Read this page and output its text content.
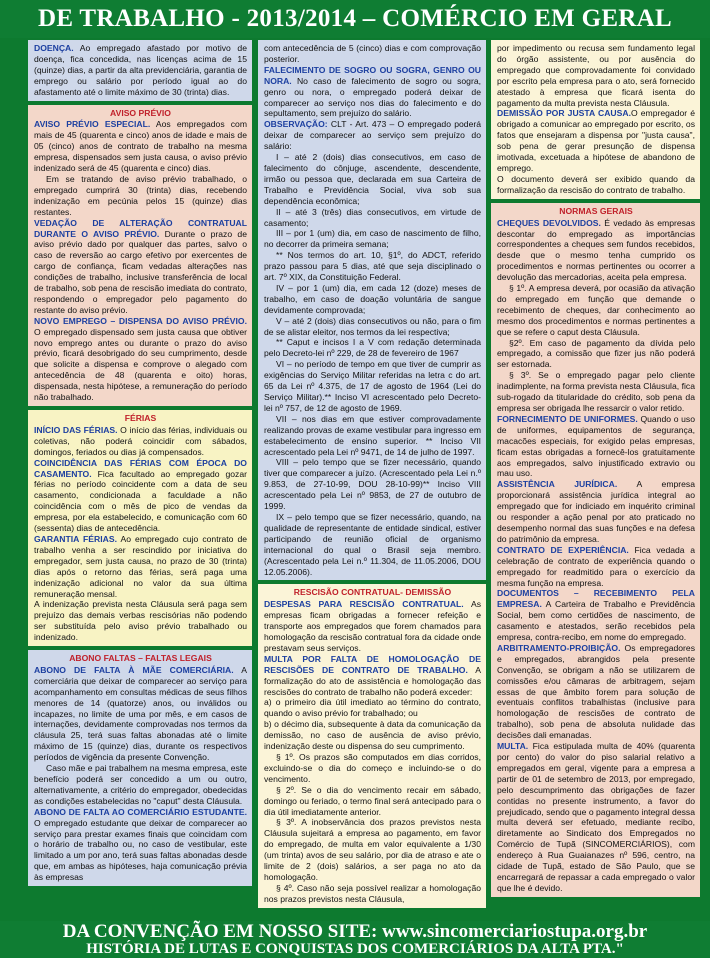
DE TRABALHO - 2013/2014 – COMÉRCIO EM GERAL

DOENÇA. Ao empregado afastado por motivo de doença, fica concedida, nas licenças acima de 15 (quinze) dias, a partir da alta previdenciária, garantia de emprego ou salário por período igual ao do afastamento até o limite máximo de 30 (trinta) dias.

AVISO PRÉVIO

AVISO PRÉVIO ESPECIAL. Aos empregados com mais de 45 (quarenta e cinco) anos de idade e mais de 05 (cinco) anos de contrato de trabalho na mesma empresa, dispensados sem justa causa, o aviso prévio indenizado será de 45 (quarenta e cinco) dias.

Em se tratando de aviso prévio trabalhado, o empregado cumprirá 30 (trinta) dias, recebendo indenização em pecúnia pelos 15 (quinze) dias restantes.

VEDAÇÃO DE ALTERAÇÃO CONTRATUAL DURANTE O AVISO PRÉVIO. Durante o prazo de aviso prévio dado por qualquer das partes, salvo o caso de reversão ao cargo efetivo por exercentes de cargo de confiança, ficam vedadas alterações nas condições de trabalho, inclusive transferência de local de trabalho, sob pena de rescisão imediata do contrato, respondendo o empregador pelo pagamento do restante do aviso prévio.

NOVO EMPREGO – DISPENSA DO AVISO PRÉVIO. O empregado dispensado sem justa causa que obtiver novo emprego antes ou durante o prazo do aviso prévio, ficará desobrigado do seu cumprimento, desde que solicite a dispensa e comprove o alegado com antecedência de 48 (quarenta e oito) horas, dispensada, nesta hipótese, a remuneração do período não trabalhado.

FÉRIAS

INÍCIO DAS FÉRIAS. O início das férias, individuais ou coletivas, não poderá coincidir com sábados, domingos, feriados ou dias já compensados.

COINCIDÊNCIA DAS FÉRIAS COM ÉPOCA DO CASAMENTO. Fica facultado ao empregado gozar férias no período coincidente com a data de seu casamento, condicionada a faculdade a não coincidência com o mês de pico de vendas da empresa, por ela estabelecido, e comunicação com 60 (sessenta) dias de antecedência.

GARANTIA FÉRIAS. Ao empregado cujo contrato de trabalho venha a ser rescindido por iniciativa do empregador, sem justa causa, no prazo de 30 (trinta) dias após o retorno das férias, será paga uma indenização adicional no valor da sua última remuneração mensal.

A indenização prevista nesta Cláusula será paga sem prejuízo das demais verbas rescisórias não podendo ser substituída pelo aviso prévio trabalhado ou indenizado.

ABONO FALTAS – FALTAS LEGAIS

ABONO DE FALTA À MÃE COMERCIÁRIA. A comerciária que deixar de comparecer ao serviço para acompanhamento em consultas médicas de seus filhos menores de 14 (quatorze) anos, ou inválidos ou incapazes, no limite de uma por mês, e em casos de internações, devidamente comprovadas nos termos da cláusula 25, terá suas faltas abonadas até o limite máximo de 15 (quinze) dias, durante os respectivos períodos de vigência da presente Convenção.

Caso mãe e pai trabalhem na mesma empresa, este benefício poderá ser concedido a um ou outro, alternativamente, a critério do empregador, obedecidas as condições estabelecidas no "caput" desta Cláusula.

ABONO DE FALTA AO COMERCIÁRIO ESTUDANTE. O empregado estudante que deixar de comparecer ao serviço para prestar exames finais que coincidam com o horário de trabalho ou, no caso de vestibular, este limitado a um por ano, terá suas faltas abonadas desde que, em ambas as hipóteses, haja comunicação prévia às empresas

com antecedência de 5 (cinco) dias e com comprovação posterior.

FALECIMENTO DE SOGRO OU SOGRA, GENRO OU NORA. No caso de falecimento de sogro ou sogra, genro ou nora, o empregado poderá deixar de comparecer ao serviço nos dias do falecimento e do sepultamento, sem prejuízo do salário.

OBSERVAÇÃO: CLT - Art. 473 – O empregado poderá deixar de comparecer ao serviço sem prejuízo do salário:

I – até 2 (dois) dias consecutivos, em caso de falecimento do cônjuge, ascendente, descendente, irmão ou pessoa que, declarada em sua Carteira de Trabalho e Previdência Social, viva sob sua dependência econômica;

II – até 3 (três) dias consecutivos, em virtude de casamento;

III – por 1 (um) dia, em caso de nascimento de filho, no decorrer da primeira semana;

** Nos termos do art. 10, §1º, do ADCT, referido prazo passou para 5 dias, até que seja disciplinado o art. 7º XIX, da Constituição Federal.

IV – por 1 (um) dia, em cada 12 (doze) meses de trabalho, em caso de doação voluntária de sangue devidamente comprovada;

V – até 2 (dois) dias consecutivos ou não, para o fim de se alistar eleitor, nos termos da lei respectiva;

** Caput e incisos I a V com redação determinada pelo Decreto-lei nº 229, de 28 de fevereiro de 1967

VI – no período de tempo em que tiver de cumprir as exigências do Serviço Militar referidas na letra c do art. 65 da Lei nº 4.375, de 17 de agosto de 1964 (Lei do Serviço Militar).** Inciso VI acrescentado pelo Decreto-lei nº 757, de 12 de agosto de 1969.

VII – nos dias em que estiver comprovadamente realizando provas de exame vestibular para ingresso em estabelecimento de ensino superior. ** Inciso VII acrescentado pela Lei nº 9471, de 14 de julho de 1997.

VIII – pelo tempo que se fizer necessário, quando tiver que comparecer a juízo. (Acrescentado pela Lei n.º 9.853, de 27-10-99, DOU 28-10-99)** Inciso VIII acrescentado pela Lei nº 9853, de 27 de outubro de 1999.

IX – pelo tempo que se fizer necessário, quando, na qualidade de representante de entidade sindical, estiver participando de reunião oficial de organismo internacional do qual o Brasil seja membro. (Acrescentado pela Lei n.º 11.304, de 11.05.2006, DOU 12.05.2006).

RESCISÃO CONTRATUAL- DEMISSÃO

DESPESAS PARA RESCISÃO CONTRATUAL. As empresas ficam obrigadas a fornecer refeição e transporte aos empregados que forem chamados para homologação da rescisão contratual fora da cidade onde prestavam seus serviços.

MULTA POR FALTA DE HOMOLOGAÇÃO DE RESCISÕES DE CONTRATO DE TRABALHO. A formalização do ato de assistência e homologação das rescisões do contrato de trabalho não poderá exceder:

a) o primeiro dia útil imediato ao término do contrato, quando o aviso prévio for trabalhado; ou

b) o décimo dia, subsequente à data da comunicação da demissão, no caso de ausência de aviso prévio, indenização deste ou dispensa do seu cumprimento.

§ 1º. Os prazos são computados em dias corridos, excluindo-se o dia do começo e incluindo-se o do vencimento.

§ 2º. Se o dia do vencimento recair em sábado, domingo ou feriado, o termo final será antecipado para o dia útil imediatamente anterior.

§ 3º. A inobservância dos prazos previstos nesta Cláusula sujeitará a empresa ao pagamento, em favor do empregado, de multa em valor equivalente a 1/30 (um trinta) avos de seu salário, por dia de atraso e ate o limite de 2 (dois) salários, a ser paga no ato da homologação.

§ 4º. Caso não seja possível realizar a homologação nos prazos previstos nesta Cláusula,

por impedimento ou recusa sem fundamento legal do órgão assistente, ou por ausência do empregado que comprovadamente foi convidado por escrito pela empresa para o ato, será fornecido atestado à empresa que ficará isenta do pagamento da multa prevista nesta Cláusula.

DEMISSÃO POR JUSTA CAUSA.O empregador é obrigado a comunicar ao empregado por escrito, os fatos que ensejaram a dispensa por "justa causa", sob pena de gerar presunção de dispensa imotivada, excetuada a hipótese de abandono de emprego.

O documento deverá ser exibido quando da formalização da rescisão do contrato de trabalho.

NORMAS GERAIS

CHEQUES DEVOLVIDOS. É vedado às empresas descontar do empregado as importâncias correspondentes a cheques sem fundos recebidos, desde que o mesmo tenha cumprido os procedimentos e normas pertinentes ou ocorrer a devolução das mercadorias, aceita pela empresa.

§ 1º. A empresa deverá, por ocasião da ativação do empregado em função que demande o recebimento de cheques, dar conhecimento ao mesmo dos procedimentos e normas pertinentes a que se refere o caput desta Cláusula.

§2º. Em caso de pagamento da dívida pelo empregado, a comissão que fizer jus não poderá ser estornada.

§ 3º. Se o empregado pagar pelo cliente inadimplente, na forma prevista nesta Cláusula, fica sub-rogado da titularidade do crédito, sob pena da empresa ser obrigada lhe ressarcir o valor retido.

FORNECIMENTO DE UNIFORMES. Quando o uso de uniformes, equipamentos de segurança, macacões especiais, for exigido pelas empresas, ficam estas obrigadas a fornecê-los gratuitamente aos empregados, salvo injustificado extravio ou mau uso.

ASSISTÊNCIA JURÍDICA. A empresa proporcionará assistência jurídica integral ao empregado que for indiciado em inquérito criminal ou responder a ação penal por ato praticado no desempenho normal das suas funções e na defesa do patrimônio da empresa.

CONTRATO DE EXPERIÊNCIA. Fica vedada a celebração de contrato de experiência quando o empregado for readmitido para o exercício da mesma função na empresa.

DOCUMENTOS – RECEBIMENTO PELA EMPRESA. A Carteira de Trabalho e Previdência Social, bem como certidões de nascimento, de casamento e atestados, serão recebidos pela empresa, contra-recibo, em nome do empregado.

ARBITRAMENTO-PROIBIÇÃO. Os empregadores e empregados, abrangidos pela presente Convenção, se obrigam a não se utilizarem de comissões e/ou câmaras de arbitragem, sejam essas de que âmbito forem para solução de eventuais conflitos trabalhistas (inclusive para homologação de rescisões de contrato de trabalho), sob pena de absoluta nulidade das decisões dali emanadas.

MULTA. Fica estipulada multa de 40% (quarenta por cento) do valor do piso salarial relativo a empregados em geral, vigente para a empresa a partir de 01 de setembro de 2013, por empregado, pelo descumprimento das obrigações de fazer contidas no presente instrumento, a favor do prejudicado, sendo que o pagamento integral dessa multa deverá ser efetuado, mediante recibo, diretamente ao Sindicato dos Empregados no Comércio de Tupã (SINCOMERCIÁRIOS), com endereço à Rua Guaianazes nº 596, centro, na cidade de Tupã, estado de São Paulo, que se encarregará de repassar a cada empregado o valor que lhe é devido.

DA CONVENÇÃO EM NOSSO SITE: www.sincomerciariostupa.org.br
HISTÓRIA DE LUTAS E CONQUISTAS DOS COMERCIÁRIOS DA ALTA PTA."
